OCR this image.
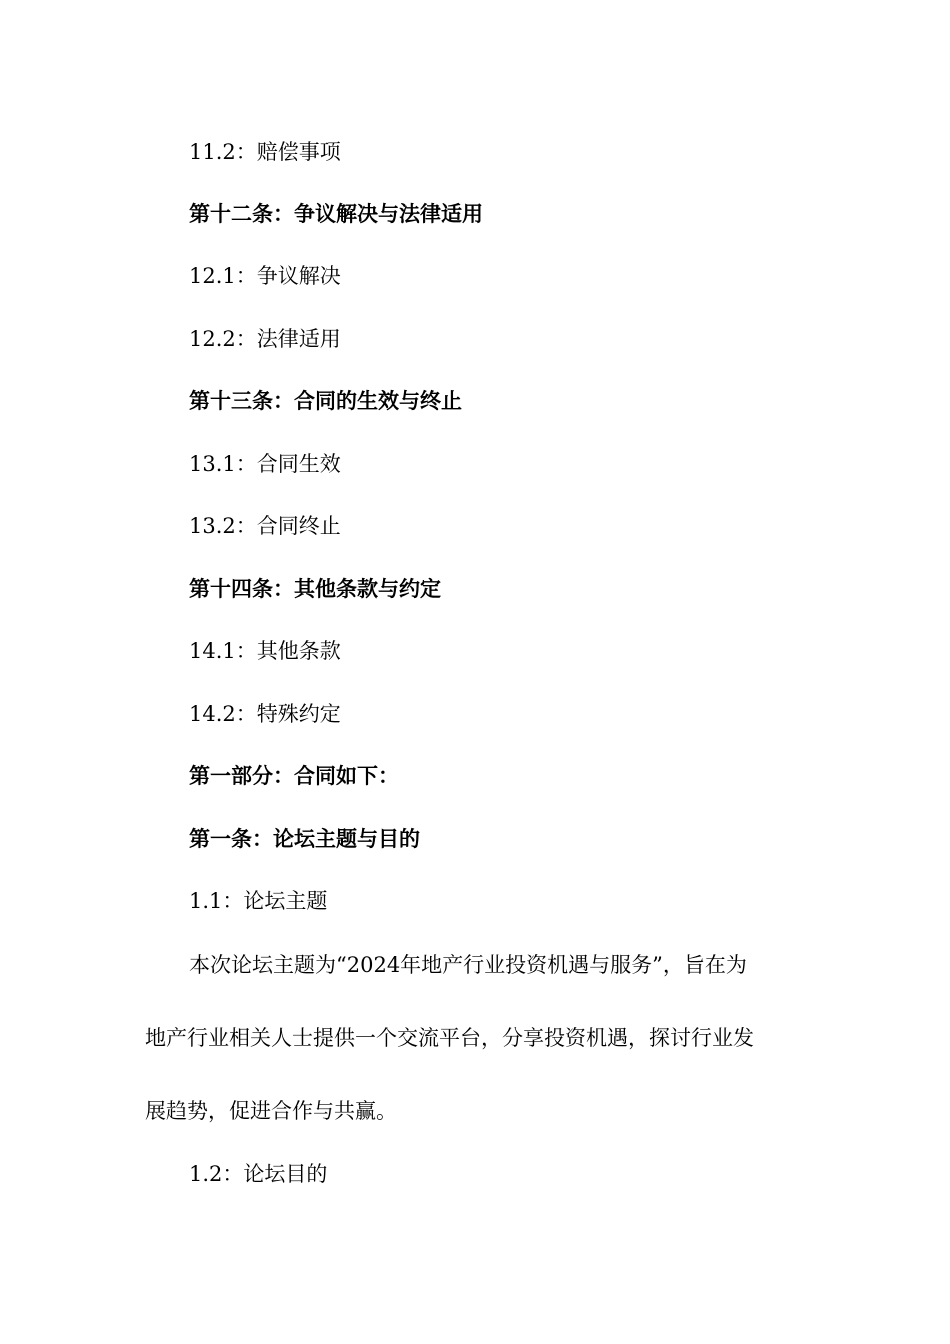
11.2：赔偿事项
第十二条：争议解决与法律适用
12.1：争议解决
12.2：法律适用
第十三条：合同的生效与终止
13.1：合同生效
13.2：合同终止
第十四条：其他条款与约定
14.1：其他条款
14.2：特殊约定
第一部分：合同如下：
第一条：论坛主题与目的
1.1：论坛主题
本次论坛主题为“2024年地产行业投资机遇与服务”，旨在为
地产行业相关人士提供一个交流平台，分享投资机遇，探讨行业发
展趋势，促进合作与共赢。
1.2：论坛目的
